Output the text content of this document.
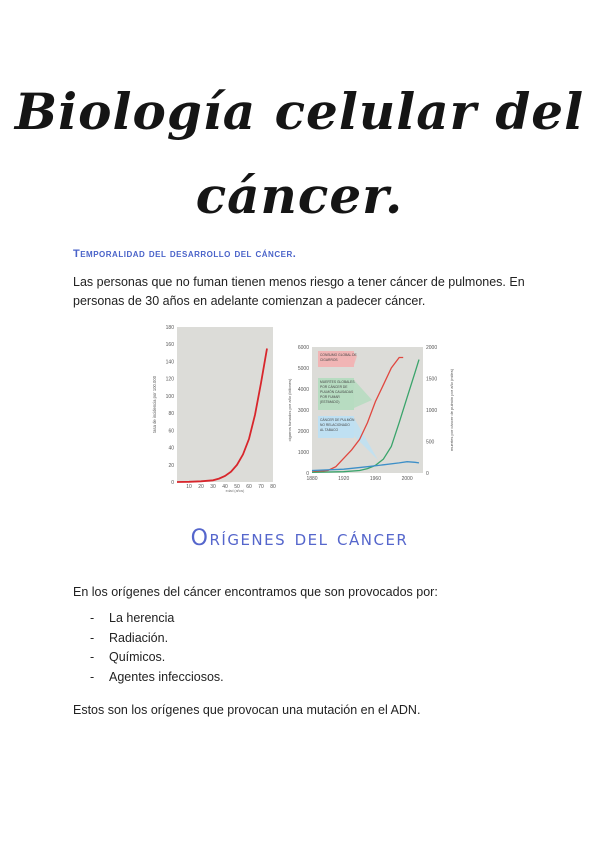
Biología celular del
cáncer.
Temporalidad del desarrollo del cáncer.
Las personas que no fuman tienen menos riesgo a tener cáncer de pulmones. En personas de 30 años en adelante comienzan a padecer cáncer.
0
20
40
60
80
100
120
140
160
180
10 20 30 40 50 60 70 80
tasa de incidencia por 100.000
edad (años)
0
1000
2000
3000
4000
5000
6000
0
500
1000
1500
2000
1880	1920	1960	2000
cigarros fumados por año (billones)	muertes por cáncer de pulmón por año (miles)
CONSUMO GLOBAL DE
CIGARROS
MUERTES GLOBALES
POR CÁNCER DE
PULMÓN CAUSADAS
POR FUMAR
(ESTIMADO)
CÁNCER DE PULMÓN
NO RELACIONADO
AL TABACO
Orígenes del cáncer
En los orígenes del cáncer encontramos que son provocados por:
- La herencia
- Radiación.
- Químicos.
- Agentes infecciosos.
Estos son los orígenes que provocan una mutación en el ADN.
